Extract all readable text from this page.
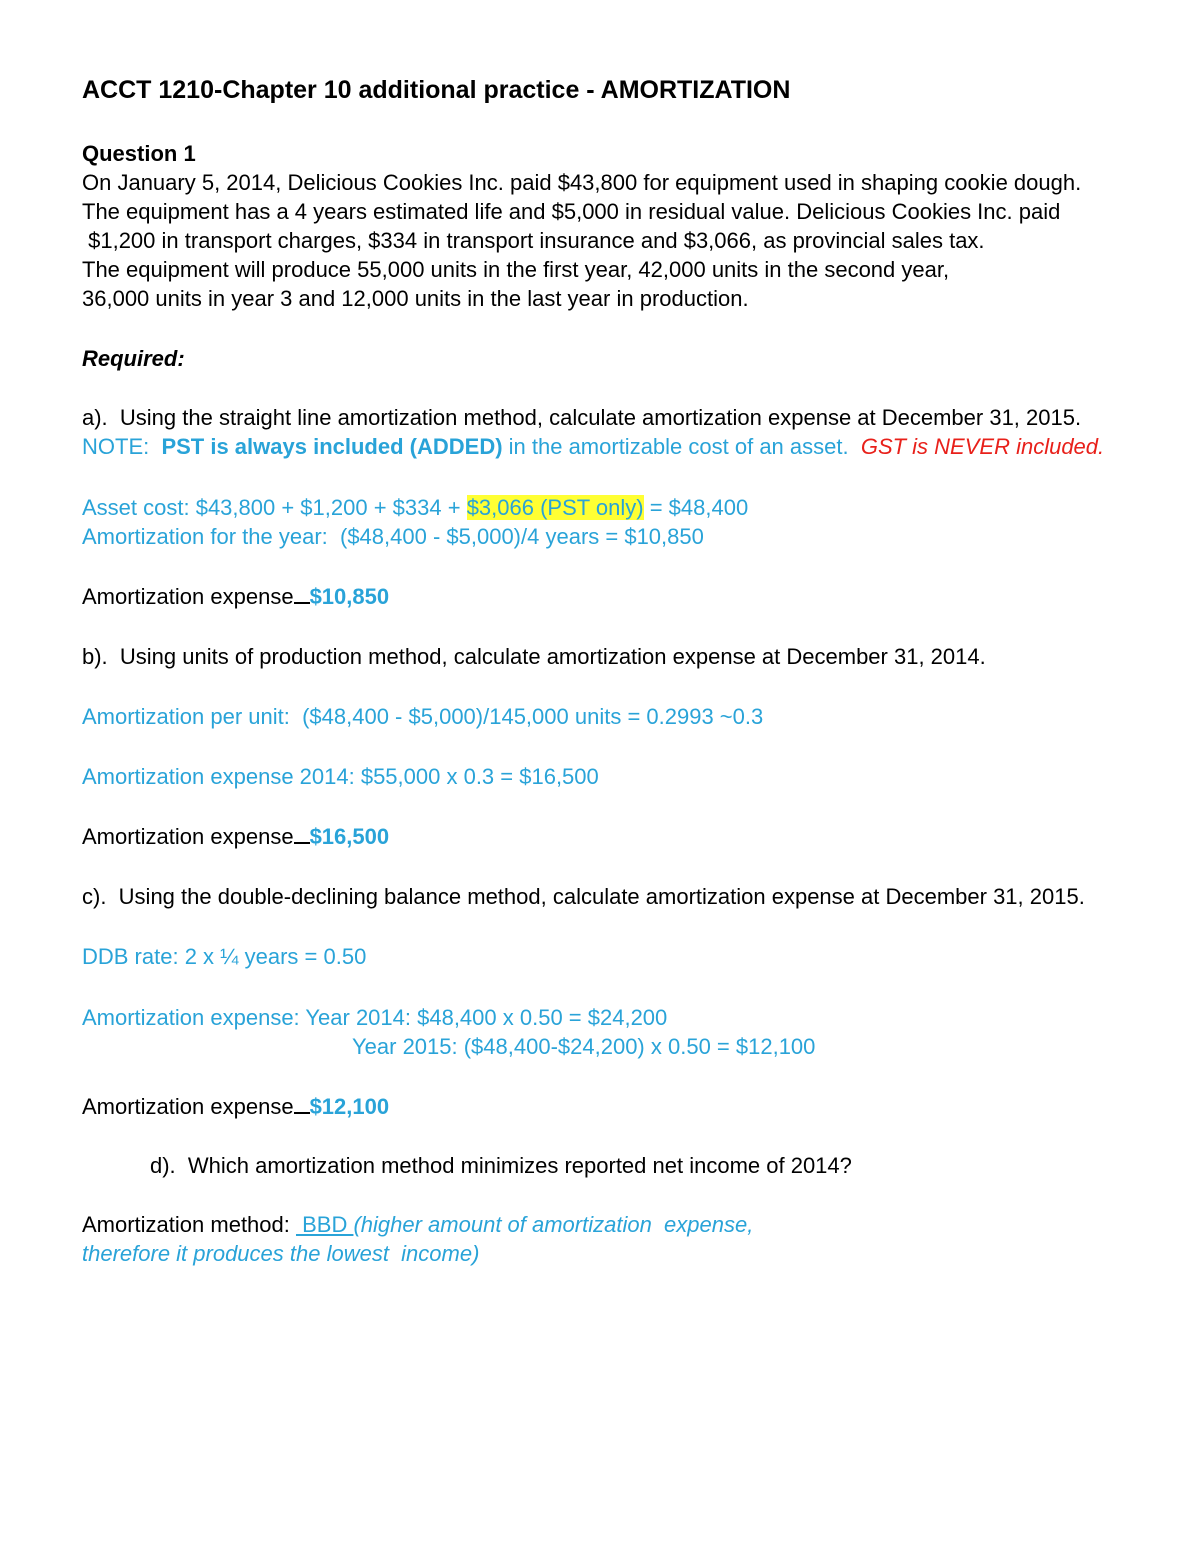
ACCT 1210-Chapter 10 additional practice - AMORTIZATION
Question 1
On January 5, 2014, Delicious Cookies Inc. paid $43,800 for equipment used in shaping cookie dough.
The equipment has a 4 years estimated life and $5,000 in residual value. Delicious Cookies Inc. paid
$1,200 in transport charges, $334 in transport insurance and $3,066, as provincial sales tax.
The equipment will produce 55,000 units in the first year, 42,000 units in the second year,
36,000 units in year 3 and 12,000 units in the last year in production.
Required:
a).  Using the straight line amortization method, calculate amortization expense at December 31, 2015.
NOTE:  PST is always included (ADDED) in the amortizable cost of an asset.  GST is NEVER included.
Asset cost: $43,800 + $1,200 + $334 + $3,066 (PST only) = $48,400
Amortization for the year:  ($48,400 - $5,000)/4 years = $10,850
Amortization expense $10,850
b).  Using units of production method, calculate amortization expense at December 31, 2014.
Amortization per unit:  ($48,400 - $5,000)/145,000 units = 0.2993 ~0.3
Amortization expense 2014: $55,000 x 0.3 = $16,500
Amortization expense $16,500
c).  Using the double-declining balance method, calculate amortization expense at December 31, 2015.
DDB rate: 2 x ¼ years = 0.50
Amortization expense: Year 2014: $48,400 x 0.50 = $24,200
Year 2015: ($48,400-$24,200) x 0.50 = $12,100
Amortization expense $12,100
d).  Which amortization method minimizes reported net income of 2014?
Amortization method:  BBD (higher amount of amortization  expense,
therefore it produces the lowest  income)
